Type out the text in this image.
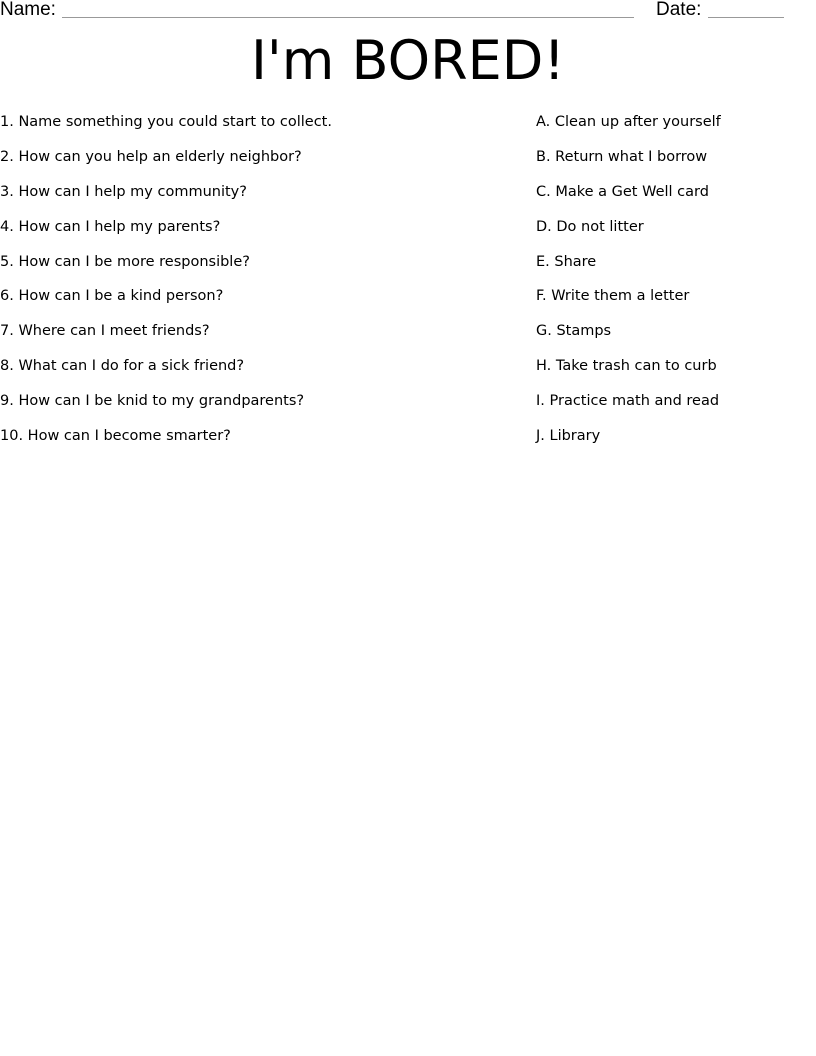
Name:	Date:
I'm BORED!
1. Name something you could start to collect.
2. How can you help an elderly neighbor?
3. How can I help my community?
4. How can I help my parents?
5. How can I be more responsible?
6. How can I be a kind person?
7. Where can I meet friends?
8. What can I do for a sick friend?
9. How can I be knid to my grandparents?
10. How can I become smarter?
A. Clean up after yourself
B. Return what I borrow
C. Make a Get Well card
D. Do not litter
E. Share
F. Write them a letter
G. Stamps
H. Take trash can to curb
I. Practice math and read
J. Library
